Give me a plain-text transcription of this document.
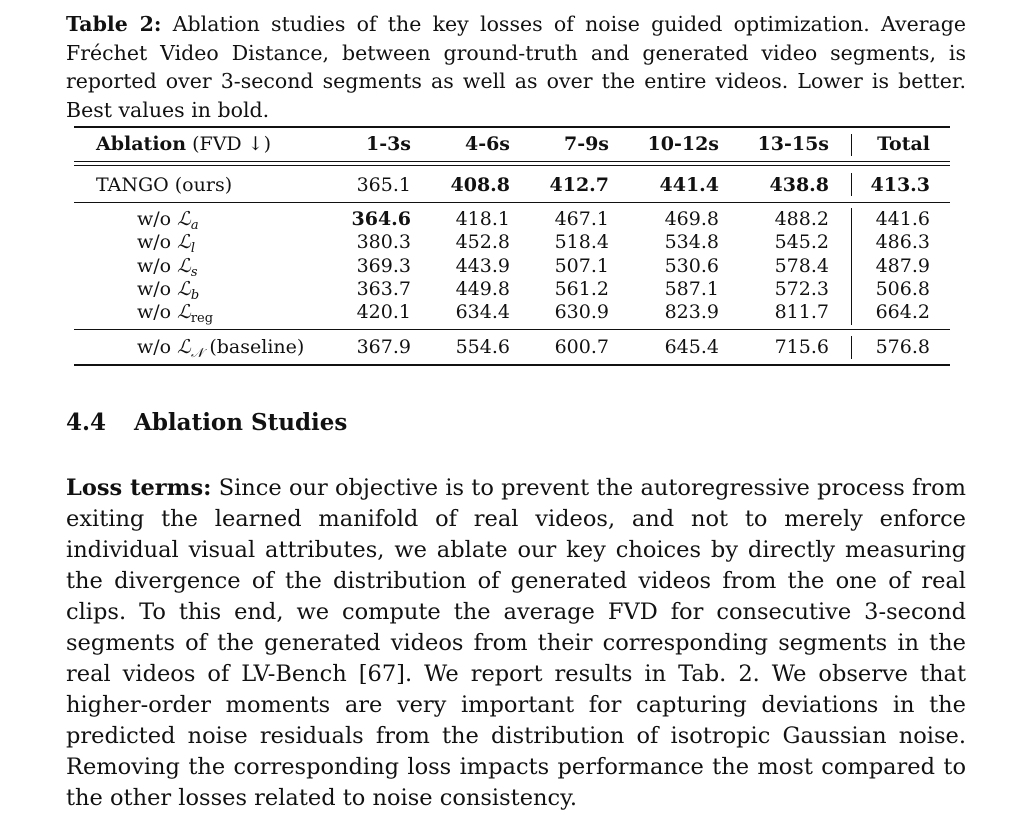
Table 2: Ablation studies of the key losses of noise guided optimization. Average Fréchet Video Distance, between ground-truth and generated video segments, is reported over 3-second segments as well as over the entire videos. Lower is better. Best values in bold.

Ablation (FVD ↓)	1-3s	4-6s	7-9s 10-12s 13-15s	Total
TANGO (ours)	365.1 408.8 412.7	441.4	438.8 413.3
w/o ℒ$_a$	364.6 418.1 467.1	469.8	488.2 441.6
w/o ℒ$_l$	380.3 452.8 518.4	534.8	545.2 486.3
w/o ℒ$_s$	369.3 443.9 507.1	530.6	578.4 487.9
w/o ℒ$_b$	363.7 449.8 561.2	587.1	572.3 506.8
w/o ℒ$_{reg}$	420.1 634.4 630.9	823.9	811.7 664.2
w/o ℒ$_𝒩$ (baseline)	367.9 554.6 600.7	645.4	715.6 576.8
4.4 Ablation Studies

Loss terms: Since our objective is to prevent the autoregressive process from exiting the learned manifold of real videos, and not to merely enforce individual visual attributes, we ablate our key choices by directly measuring the divergence of the distribution of generated videos from the one of real clips. To this end, we compute the average FVD for consecutive 3-second segments of the generated videos from their corresponding segments in the real videos of LV-Bench [67]. We report results in Tab. 2. We observe that higher-order moments are very important for capturing deviations in the predicted noise residuals from the distribution of isotropic Gaussian noise. Removing the corresponding loss impacts performance the most compared to the other losses related to noise consistency.
